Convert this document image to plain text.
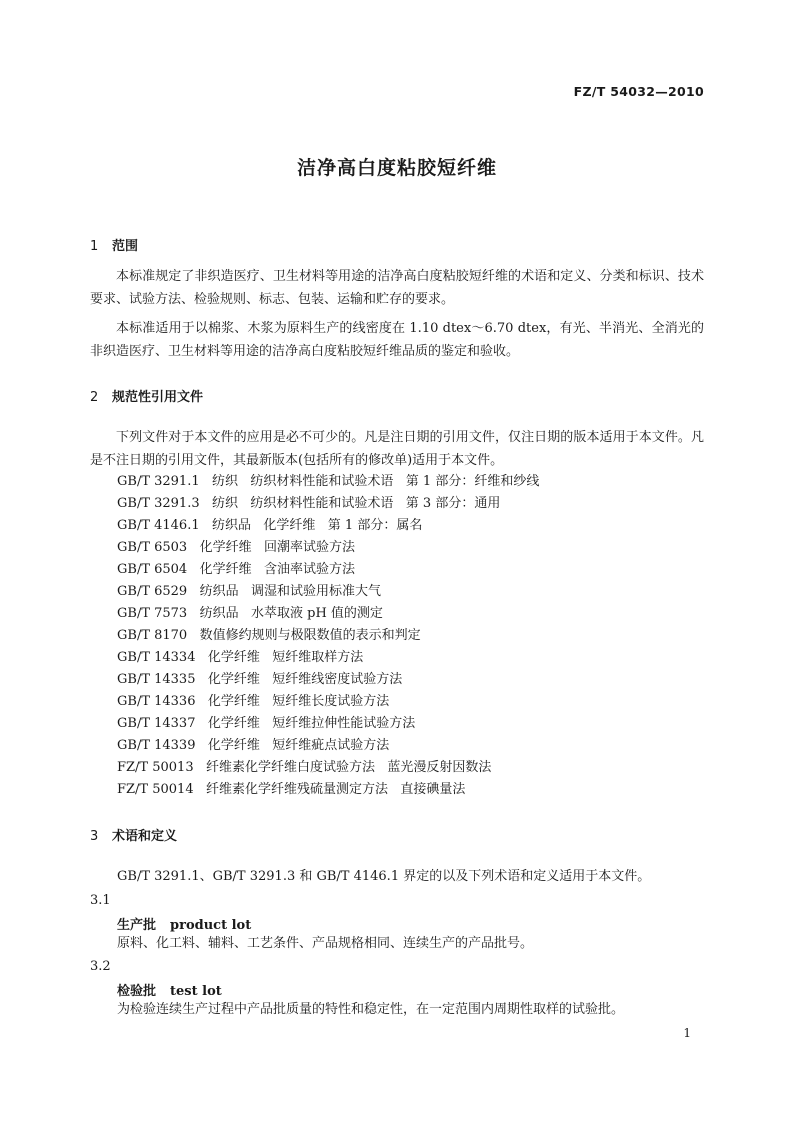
FZ/T 54032—2010
洁净高白度粘胶短纤维
1 范围
本标准规定了非织造医疗、卫生材料等用途的洁净高白度粘胶短纤维的术语和定义、分类和标识、技术要求、试验方法、检验规则、标志、包装、运输和贮存的要求。
本标准适用于以棉浆、木浆为原料生产的线密度在 1.10 dtex～6.70 dtex，有光、半消光、全消光的非织造医疗、卫生材料等用途的洁净高白度粘胶短纤维品质的鉴定和验收。
2 规范性引用文件
下列文件对于本文件的应用是必不可少的。凡是注日期的引用文件，仅注日期的版本适用于本文件。凡是不注日期的引用文件，其最新版本(包括所有的修改单)适用于本文件。
GB/T 3291.1   纺织   纺织材料性能和试验术语   第 1 部分：纤维和纱线
GB/T 3291.3   纺织   纺织材料性能和试验术语   第 3 部分：通用
GB/T 4146.1   纺织品   化学纤维   第 1 部分：属名
GB/T 6503   化学纤维   回潮率试验方法
GB/T 6504   化学纤维   含油率试验方法
GB/T 6529   纺织品   调湿和试验用标准大气
GB/T 7573   纺织品   水萃取液 pH 值的测定
GB/T 8170   数值修约规则与极限数值的表示和判定
GB/T 14334   化学纤维   短纤维取样方法
GB/T 14335   化学纤维   短纤维线密度试验方法
GB/T 14336   化学纤维   短纤维长度试验方法
GB/T 14337   化学纤维   短纤维拉伸性能试验方法
GB/T 14339   化学纤维   短纤维疵点试验方法
FZ/T 50013   纤维素化学纤维白度试验方法   蓝光漫反射因数法
FZ/T 50014   纤维素化学纤维残硫量测定方法   直接碘量法
3 术语和定义
GB/T 3291.1、GB/T 3291.3 和 GB/T 4146.1 界定的以及下列术语和定义适用于本文件。
3.1
生产批 product lot
原料、化工料、辅料、工艺条件、产品规格相同、连续生产的产品批号。
3.2
检验批 test lot
为检验连续生产过程中产品批质量的特性和稳定性，在一定范围内周期性取样的试验批。
1
